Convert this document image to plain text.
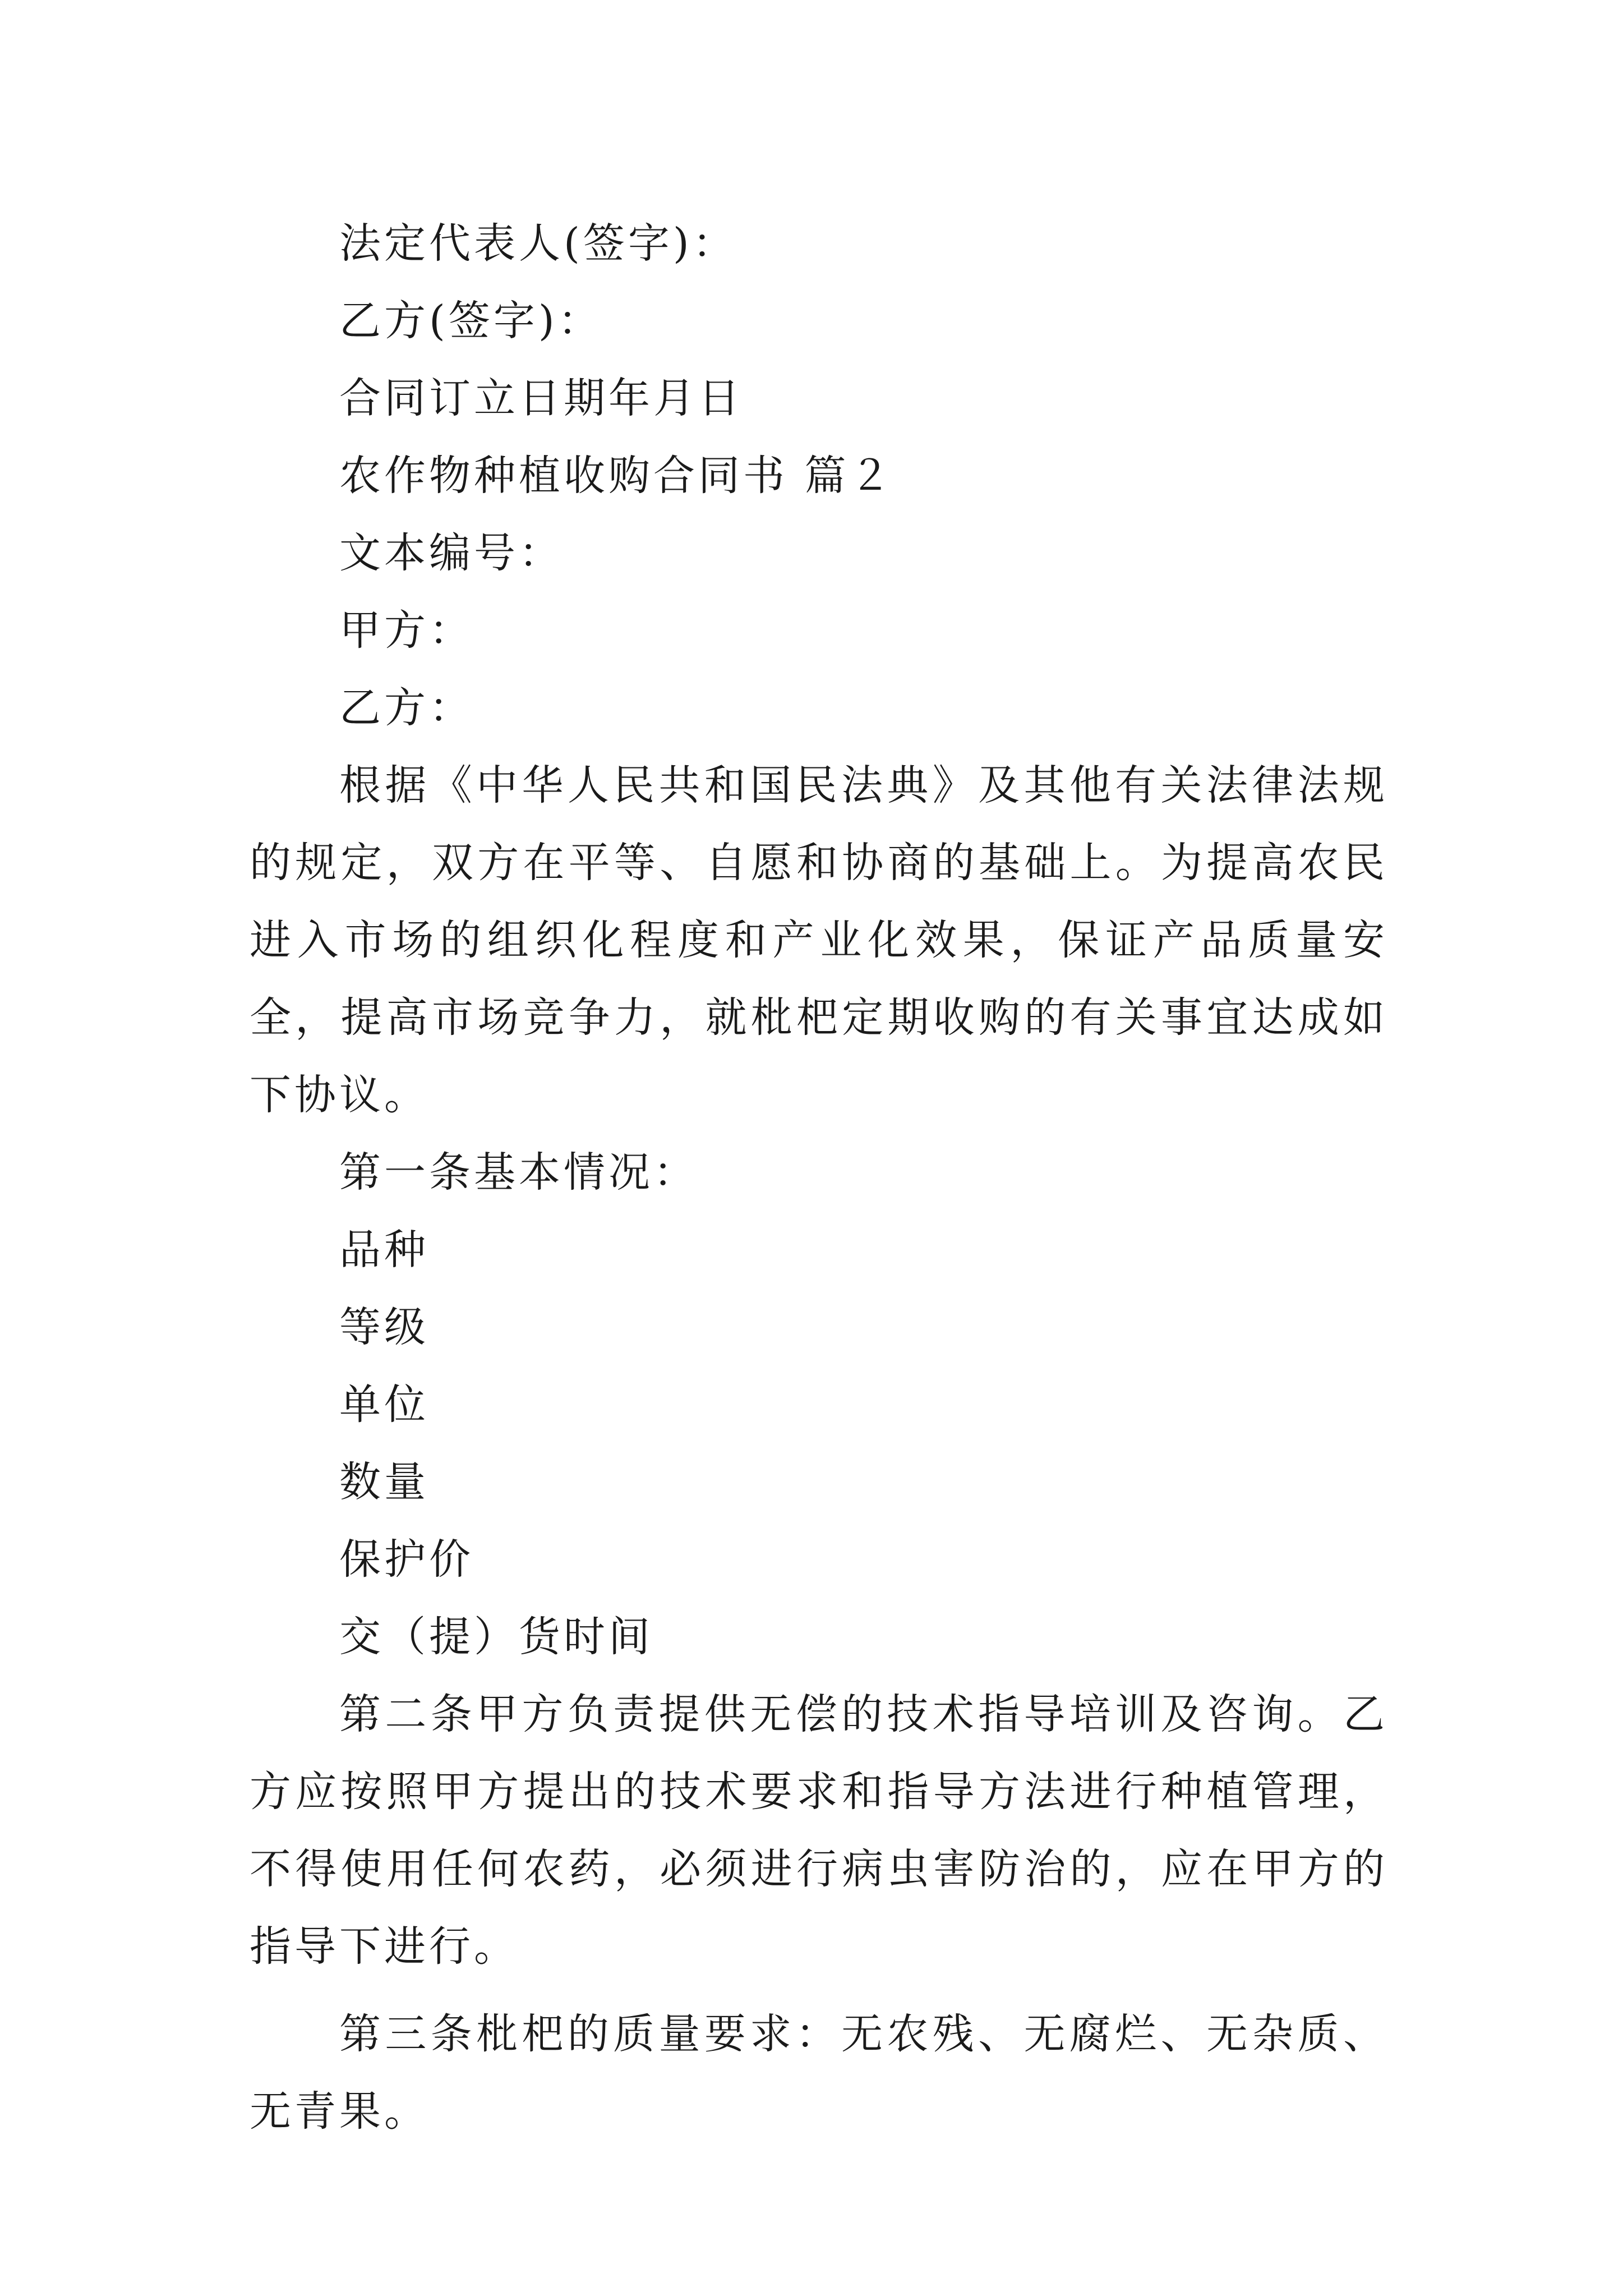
法定代表人(签字)：
乙方(签字)：
合同订立日期年月日
农作物种植收购合同书 篇２
文本编号：
甲方：
乙方：
根据《中华人民共和国民法典》及其他有关法律法规的规定，双方在平等、自愿和协商的基础上。为提高农民进入市场的组织化程度和产业化效果，保证产品质量安全，提高市场竞争力，就枇杷定期收购的有关事宜达成如下协议。
第一条基本情况：
品种
等级
单位
数量
保护价
交（提）货时间
第二条甲方负责提供无偿的技术指导培训及咨询。乙方应按照甲方提出的技术要求和指导方法进行种植管理，不得使用任何农药，必须进行病虫害防治的，应在甲方的指导下进行。
第三条枇杷的质量要求：无农残、无腐烂、无杂质、无青果。
